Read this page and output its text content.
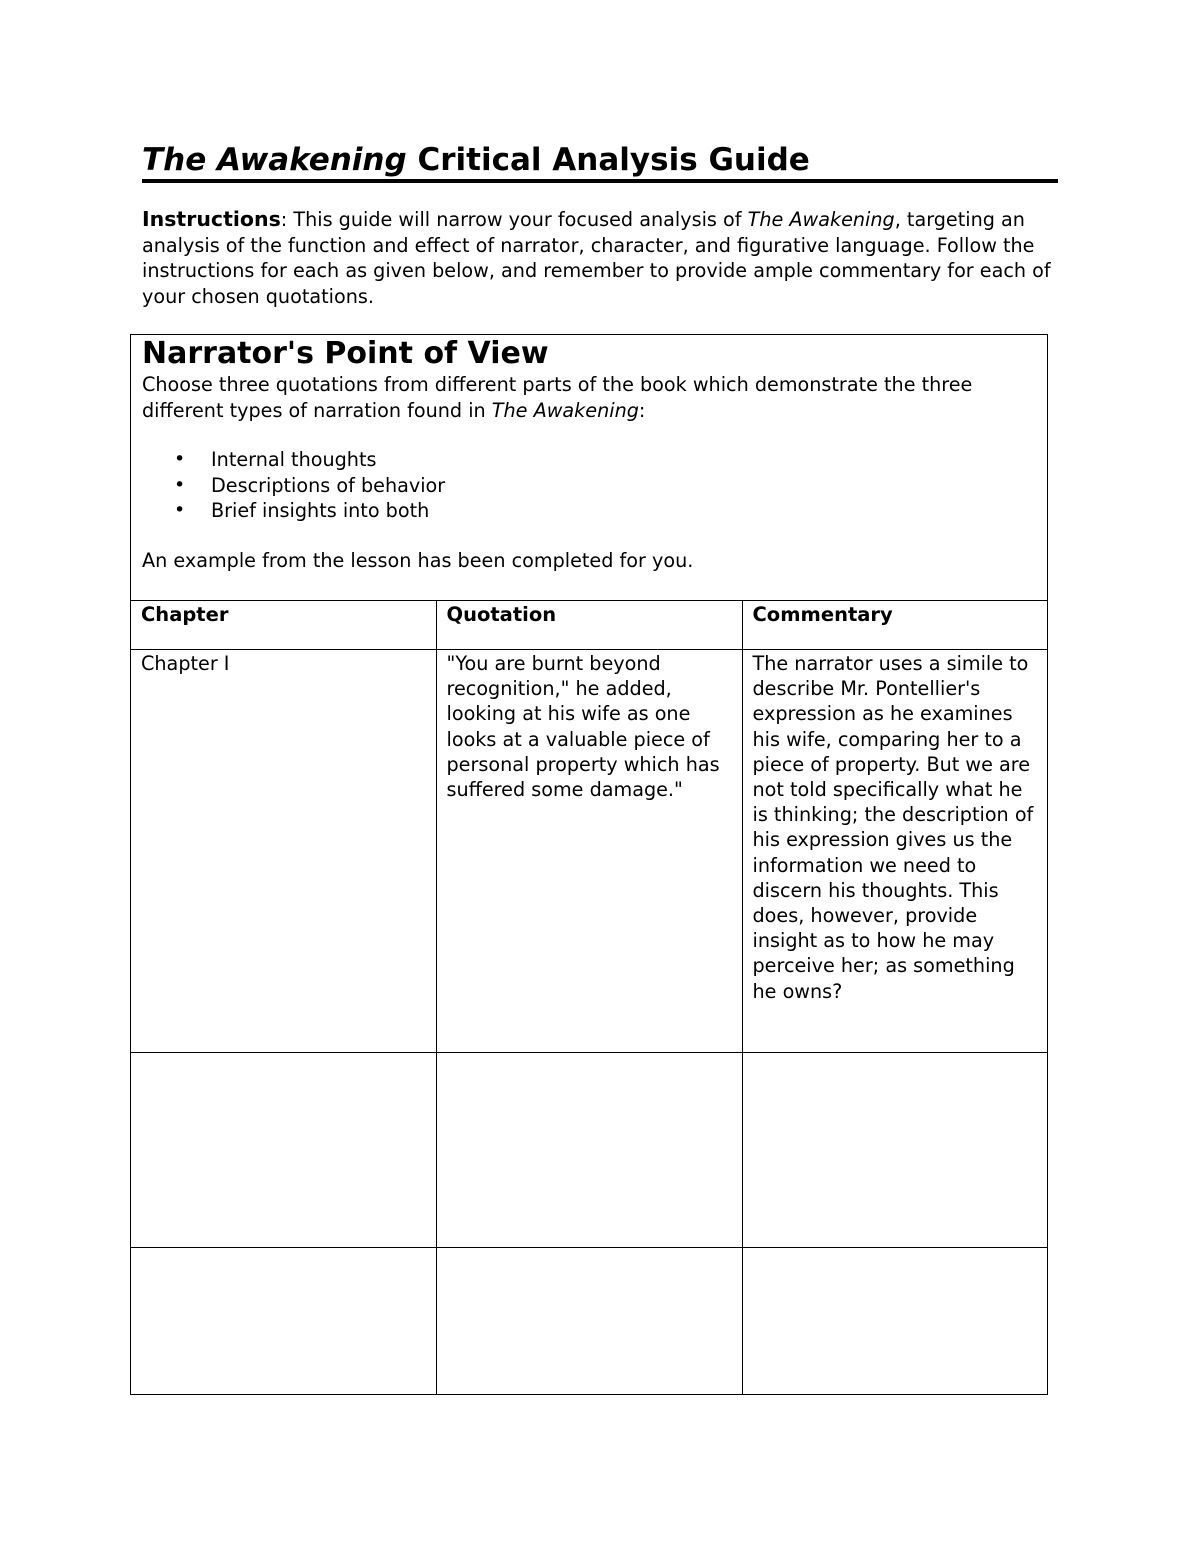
The Awakening Critical Analysis Guide

Instructions: This guide will narrow your focused analysis of The Awakening, targeting an analysis of the function and effect of narrator, character, and figurative language. Follow the instructions for each as given below, and remember to provide ample commentary for each of your chosen quotations.

Narrator's Point of View

Choose three quotations from different parts of the book which demonstrate the three different types of narration found in The Awakening:

• Internal thoughts
• Descriptions of behavior
• Brief insights into both

An example from the lesson has been completed for you.

Chapter	Quotation	Commentary
Chapter I	"You are burnt beyond recognition," he added, looking at his wife as one looks at a valuable piece of personal property which has suffered some damage."	The narrator uses a simile to describe Mr. Pontellier's expression as he examines his wife, comparing her to a piece of property. But we are not told specifically what he is thinking; the description of his expression gives us the information we need to discern his thoughts. This does, however, provide insight as to how he may perceive her; as something he owns?
